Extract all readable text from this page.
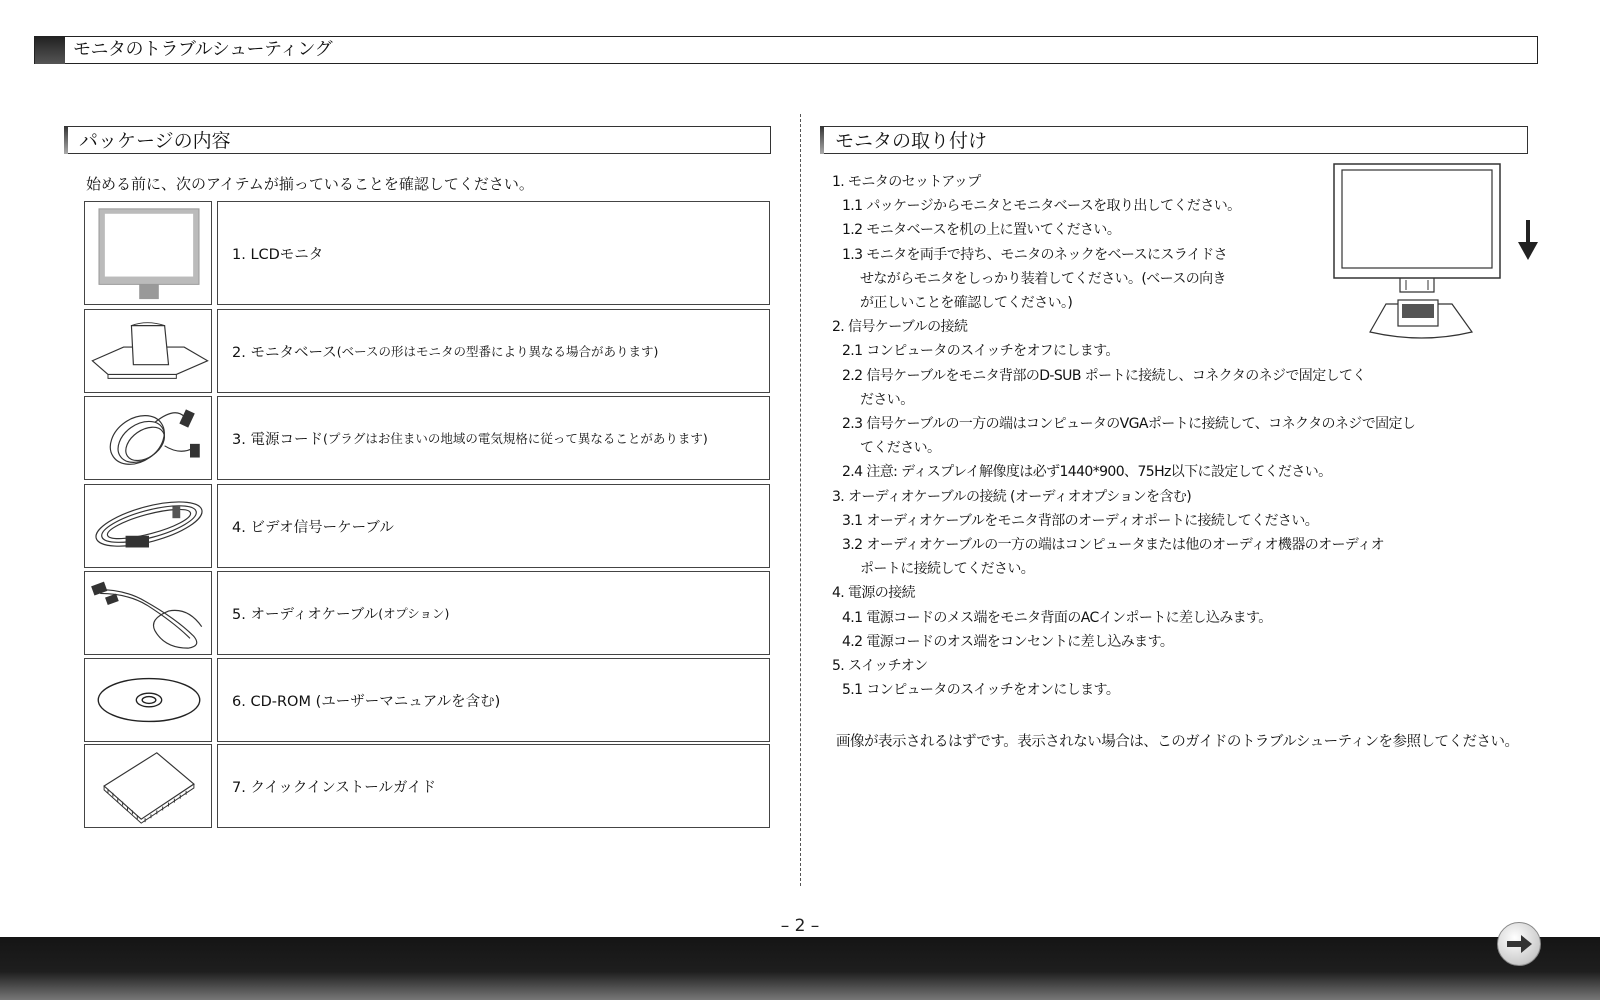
モニタのトラブルシューティング
パッケージの内容
始める前に、次のアイテムが揃っていることを確認してください。
1. LCDモニタ
2. モニタベース (ベースの形はモニタの型番により異なる場合があります)
3. 電源コード (プラグはお住まいの地域の電気規格に従って異なることがあります)
4. ビデオ信号ーケーブル
5. オーディオケーブル (オプション)
6. CD-ROM (ユーザーマニュアルを含む)
7. クイックインストールガイド
モニタの取り付け
1. モニタのセットアップ
1.1 パッケージからモニタとモニタベースを取り出してください。
1.2 モニタベースを机の上に置いてください。
1.3 モニタを両手で持ち、モニタのネックをベースにスライドさ
せながらモニタをしっかり装着してください。(ベースの向き
が正しいことを確認してください。)
2. 信号ケーブルの接続
2.1 コンピュータのスイッチをオフにします。
2.2 信号ケーブルをモニタ背部のD-SUB ポートに接続し、コネクタのネジで固定してく
ださい。
2.3 信号ケーブルの一方の端はコンピュータのVGAポートに接続して、コネクタのネジで固定し
てください。
2.4 注意: ディスプレイ解像度は必ず1440*900、75Hz以下に設定してください。
3. オーディオケーブルの接続 (オーディオオプションを含む)
3.1 オーディオケーブルをモニタ背部のオーディオポートに接続してください。
3.2 オーディオケーブルの一方の端はコンピュータまたは他のオーディオ機器のオーディオ
ポートに接続してください。
4. 電源の接続
4.1 電源コードのメス端をモニタ背面のACインポートに差し込みます。
4.2 電源コードのオス端をコンセントに差し込みます。
5. スイッチオン
5.1 コンピュータのスイッチをオンにします。
画像が表示されるはずです。表示されない場合は、このガイドのトラブルシューティンを参照してください。
– 2 –
